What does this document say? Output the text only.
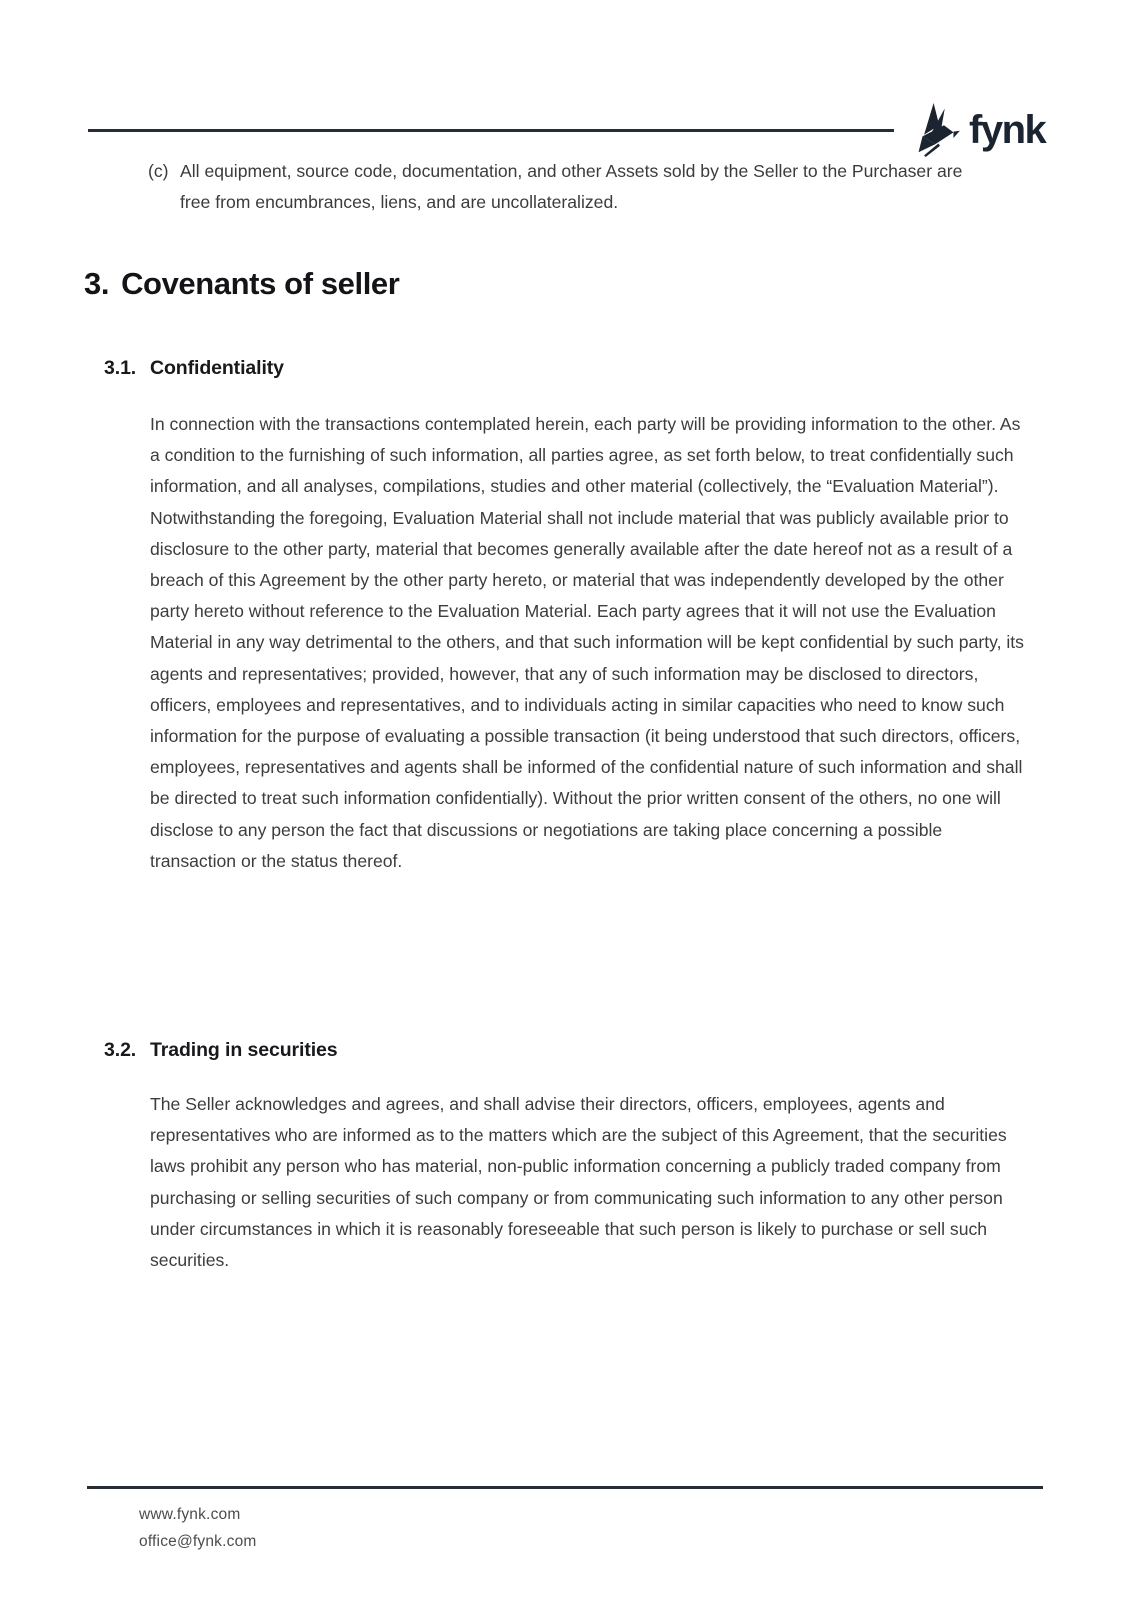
fynk
(c) All equipment, source code, documentation, and other Assets sold by the Seller to the Purchaser are free from encumbrances, liens, and are uncollateralized.
3. Covenants of seller
3.1. Confidentiality

In connection with the transactions contemplated herein, each party will be providing information to the other. As a condition to the furnishing of such information, all parties agree, as set forth below, to treat confidentially such information, and all analyses, compilations, studies and other material (collectively, the “Evaluation Material”). Notwithstanding the foregoing, Evaluation Material shall not include material that was publicly available prior to disclosure to the other party, material that becomes generally available after the date hereof not as a result of a breach of this Agreement by the other party hereto, or material that was independently developed by the other party hereto without reference to the Evaluation Material. Each party agrees that it will not use the Evaluation Material in any way detrimental to the others, and that such information will be kept confidential by such party, its agents and representatives; provided, however, that any of such information may be disclosed to directors, officers, employees and representatives, and to individuals acting in similar capacities who need to know such information for the purpose of evaluating a possible transaction (it being understood that such directors, officers, employees, representatives and agents shall be informed of the confidential nature of such information and shall be directed to treat such information confidentially). Without the prior written consent of the others, no one will disclose to any person the fact that discussions or negotiations are taking place concerning a possible transaction or the status thereof.

3.2. Trading in securities

The Seller acknowledges and agrees, and shall advise their directors, officers, employees, agents and representatives who are informed as to the matters which are the subject of this Agreement, that the securities laws prohibit any person who has material, non-public information concerning a publicly traded company from purchasing or selling securities of such company or from communicating such information to any other person under circumstances in which it is reasonably foreseeable that such person is likely to purchase or sell such securities.

www.fynk.com
office@fynk.com
